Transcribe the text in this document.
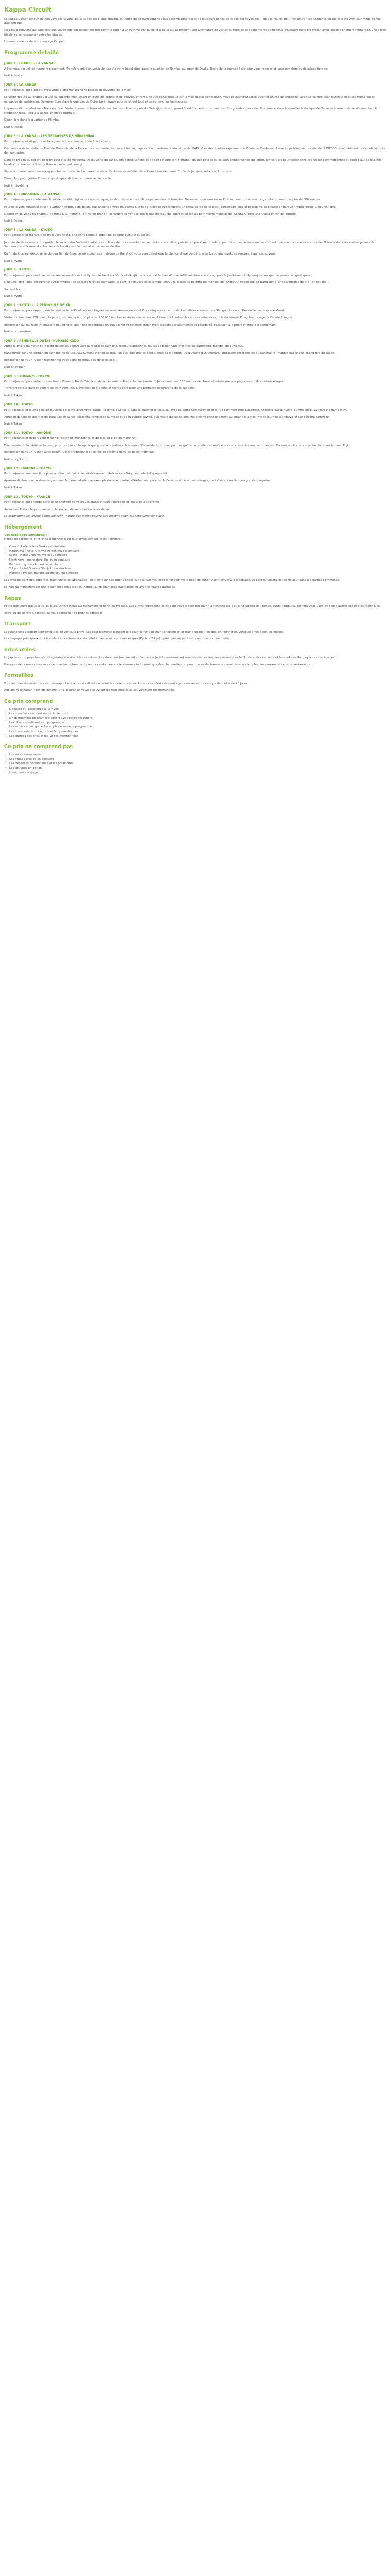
Kappa Circuit

Le Kappa Circuit est l'un de nos voyages favoris. En plus des sites emblématiques, notre guide francophone vous accompagnera lors de plusieurs haltes dans des petits villages, loin des foules, pour rencontrer les habitants locaux et découvrir leur mode de vie authentique.

Ce circuit convient aux familles, aux voyageurs qui souhaitent découvrir le Japon à un rythme tranquille et à ceux qui apprécient une alternance de visites culturelles et de moments de détente. Plusieurs nuits en ryokan avec onsen ponctuent l'itinéraire, une façon idéale de se ressourcer entre les étapes.

L'essence même de notre voyage Kappa !

Programme détaillé
JOUR 1 : FRANCE - LA KANSAI

À l'arrivée, accueil par votre représentant. Transfert privé en véhicule jusqu'à votre hôtel situé dans le quartier de Namba, au cœur de Osaka. Reste de la journée libre pour vous reposer et vous remettre du décalage horaire.

Nuit à Osaka

JOUR 2 : LA KANSAI

Petit-déjeuner, puis départ avec votre guide francophone pour la découverte de la ville.

La visite débute au château d'Osaka, superbe monument entouré de jardins et de douves, offrant une vue panoramique sur la ville depuis son donjon. Vous poursuivrez par le quartier animé de Shinsekai, avec sa célèbre tour Tsutenkaku et ses nombreuses échoppes de kushikatsu. Déjeuner libre dans le quartier de Dotonbori, réputé pour sa street food et ses enseignes lumineuses.

L'après-midi, transfert vers Nara en train. Visite du parc de Nara et de ses daims en liberté, puis du Todai-ji et de son grand Bouddha de bronze, l'un des plus grands du monde. Promenade dans le quartier historique de Naramachi aux maisons de marchands traditionnelles. Retour à Osaka en fin de journée.

Dîner libre dans le quartier de Namba.

Nuit à Osaka

JOUR 3 : LA KANSAI - LES TERRASSES DE HIROSHIMA

Petit-déjeuner et départ pour la région de Hiroshima en train Shinkansen.

Dès votre arrivée, visite du Parc du Mémorial de la Paix et de son musée, émouvant témoignage du bombardement atomique de 1945. Vous découvrirez également le Dôme de Genbaku, classé au patrimoine mondial de l'UNESCO, seul bâtiment resté debout près de l'épicentre.

Dans l'après-midi, départ en ferry pour l'île de Miyajima. Découverte du sanctuaire d'Itsukushima et de son célèbre torii flottant, l'un des paysages les plus photographiés du Japon. Temps libre pour flâner dans les ruelles commerçantes et goûter aux spécialités locales comme les huîtres grillées ou les momiji manju.

Selon la marée, vous pourrez approcher le torii à pied à marée basse ou l'admirer se refléter dans l'eau à marée haute. En fin de journée, retour à Hiroshima.

Dîner libre pour goûter l'okonomiyaki, spécialité incontournable de la ville.

Nuit à Hiroshima

JOUR 4 : HIROSHIMA - LA KANSAI

Petit-déjeuner, puis route vers la vallée de Kibi, région rurale aux paysages de rizières et de collines parsemées de temples. Découverte du sanctuaire Kibitsu, connu pour son long couloir couvert de plus de 300 mètres.

Poursuite vers Kurashiki et son quartier historique de Bikan, aux anciens entrepôts blancs à toits de tuiles noires longeant un canal bordé de saules. Promenade libre et possibilité de balade en barque traditionnelle. Déjeuner libre.

L'après-midi, visite du château de Himeji, surnommé le « Héron blanc », considéré comme le plus beau château du Japon et classé au patrimoine mondial de l'UNESCO. Retour à Osaka en fin de journée.

Nuit à Osaka

JOUR 5 : LA KANSAI - KYOTO

Petit-déjeuner et transfert en train vers Kyoto, ancienne capitale impériale et cœur culturel du Japon.

Journée de visite avec votre guide : le sanctuaire Fushimi Inari et ses milliers de torii vermillon serpentant sur la colline, puis le temple Kiyomizu-dera, perché sur sa terrasse en bois offrant une vue imprenable sur la ville. Flânerie dans les ruelles pavées de Sannenzaka et Ninenzaka, bordées de boutiques d'artisanat et de salons de thé.

En fin de journée, découverte du quartier de Gion, célèbre pour ses maisons de thé et où vous aurez peut-être la chance d'apercevoir une geiko ou une maiko se rendant à un rendez-vous.

Nuit à Kyoto

JOUR 6 : KYOTO

Petit-déjeuner, puis matinée consacrée au nord-ouest de Kyoto : le Pavillon d'Or (Kinkaku-ji), recouvert de feuilles d'or se reflétant dans son étang, puis le jardin zen du Ryoan-ji et ses quinze pierres énigmatiques.

Déjeuner libre, puis découverte d'Arashiyama : sa célèbre forêt de bambous, le pont Togetsukyo et le temple Tenryu-ji, classé au patrimoine mondial de l'UNESCO. Possibilité de participer à une cérémonie du thé (en option).

Soirée libre.

Nuit à Kyoto

JOUR 7 : KYOTO - LA PÉNINSULE DE KII

Petit-déjeuner, puis départ pour la péninsule de Kii et ses montagnes sacrées. Arrivée au mont Koya (Koyasan), centre du bouddhisme ésotérique Shingon fondé au IXe siècle par le moine Kukai.

Visite du cimetière d'Okunoin, le plus grand du Japon, où plus de 200 000 tombes et stèles moussues se dressent à l'ombre de cèdres centenaires, puis du temple Kongobu-ji, siège de l'école Shingon.

Installation au shukubo (monastère bouddhiste) pour une expérience unique : dîner végétarien shojin ryori préparé par les moines et possibilité d'assister à la prière matinale le lendemain.

Nuit au monastère

JOUR 8 : PÉNINSULE DE KII - KUMANO KODO

Après la prière du matin et le petit-déjeuner, départ vers la région de Kumano, réseau d'anciennes routes de pèlerinage inscrites au patrimoine mondial de l'UNESCO.

Randonnée sur une portion du Kumano Kodo jusqu'au Kumano Hongu Taisha, l'un des trois grands sanctuaires de la région. Découverte d'Oyunohara, emplacement d'origine du sanctuaire, marqué par le plus grand torii du Japon.

Installation dans un ryokan traditionnel avec bains thermaux et dîner kaiseki.

Nuit en ryokan

JOUR 9 : KUMANO - TOKYO

Petit-déjeuner, puis visite du sanctuaire Kumano Nachi Taisha et de la cascade de Nachi, la plus haute du Japon avec ses 133 mètres de chute, dominée par une pagode vermillon à trois étages.

Transfert vers la gare et départ en train vers Tokyo. Installation à l'hôtel et soirée libre pour une première découverte de la capitale.

Nuit à Tokyo

JOUR 10 : TOKYO

Petit-déjeuner et journée de découverte de Tokyo avec votre guide : le temple Senso-ji dans le quartier d'Asakusa, avec sa porte Kaminarimon et la rue commerçante Nakamise. Croisière sur la rivière Sumida jusqu'aux jardins Hama-rikyu.

Après-midi dans le quartier de Harajuku et sa rue Takeshita, temple de la mode et de la culture kawaii, puis visite du sanctuaire Meiji, niché dans une forêt au cœur de la ville. Fin de journée à Shibuya et son célèbre carrefour.

Nuit à Tokyo

JOUR 11 : TOKYO - HAKONE

Petit-déjeuner et départ pour Hakone, région de montagnes et de lacs au pied du mont Fuji.

Découverte du lac Ashi en bateau, puis montée en téléphérique jusqu'à la vallée volcanique d'Owakudani, où vous pourrez goûter aux célèbres œufs noirs cuits dans les sources chaudes. Par temps clair, vue spectaculaire sur le mont Fuji.

Installation dans un ryokan avec onsen. Dîner traditionnel et soirée de détente dans les bains thermaux.

Nuit en ryokan

JOUR 12 : HAKONE - TOKYO

Petit-déjeuner, matinée libre pour profiter des bains de l'établissement. Retour vers Tokyo en début d'après-midi.

Après-midi libre pour le shopping ou une dernière balade, par exemple dans le quartier d'Akihabara, paradis de l'électronique et des mangas, ou à Ginza, quartier des grands magasins.

Nuit à Tokyo

JOUR 13 : TOKYO - FRANCE

Petit-déjeuner, puis temps libre selon l'horaire de votre vol. Transfert vers l'aéroport et envol pour la France.

Arrivée en France le jour même ou le lendemain selon les horaires de vol.

Le programme est donné à titre indicatif ; l'ordre des visites pourra être modifié selon les conditions sur place.

Hébergement
Vos hôtels (ou similaires) :

Hôtels de catégorie 3* et 4* sélectionnés pour leur emplacement et leur confort :

• Osaka : Hotel Nikko Osaka ou similaire
• Hiroshima : Hotel Granvia Hiroshima ou similaire
• Kyoto : Hotel Gran Ms Kyoto ou similaire
• Mont Koya : monastère Eko-in ou similaire
• Kumano : ryokan Adumi ou similaire
• Tokyo : Hotel Gracery Shinjuku ou similaire
• Hakone : ryokan Hakone Suimeisou ou similaire

Les ryokans sont des auberges traditionnelles japonaises : on y dort sur des futons posés sur des tatamis, et le dîner comme le petit-déjeuner y sont servis à la japonaise. Le port du yukata est de rigueur dans les parties communes.

La nuit au monastère est une expérience simple et authentique, en chambres traditionnelles avec sanitaires partagés.

Repas

Petits-déjeuners inclus tous les jours. Dîners inclus au monastère et dans les ryokans. Les autres repas sont libres pour vous laisser découvrir la richesse de la cuisine japonaise : ramen, sushi, tempura, okonomiyaki, udon et bien d'autres spécialités régionales.

Votre guide se fera un plaisir de vous conseiller de bonnes adresses.

Transport

Les transferts aéroport sont effectués en véhicule privé. Les déplacements pendant le circuit se font en train (Shinkansen et trains locaux), en bus, en ferry et en véhicule privé selon les étapes.

Les bagages principaux sont transférés directement d'un hôtel à l'autre sur certaines étapes (Kyoto - Tokyo) : prévoyez un petit sac pour une ou deux nuits.

Infos utiles

Le Japon est un pays très sûr et agréable à visiter à toute saison. Le printemps (mars-mai) et l'automne (octobre-novembre) sont les saisons les plus prisées pour la floraison des cerisiers et les couleurs flamboyantes des érables.

Prévoyez de bonnes chaussures de marche, notamment pour la randonnée sur le Kumano Kodo, ainsi que des chaussettes propres : on se déchausse souvent dans les temples, les ryokans et certains restaurants.

Formalités

Pour les ressortissants français : passeport en cours de validité couvrant la durée du séjour. Aucun visa n'est nécessaire pour un séjour touristique de moins de 90 jours.

Aucune vaccination n'est obligatoire. Une assurance voyage couvrant les frais médicaux est vivement recommandée.

Ce prix comprend
• L'accueil et l'assistance à l'arrivée
• Les transferts aéroport en véhicule privé
• L'hébergement en chambre double avec petits-déjeuners
• Les dîners mentionnés au programme
• Les services d'un guide francophone selon le programme
• Les transports en train, bus et ferry mentionnés
• Les entrées des sites et les visites mentionnées
Ce prix ne comprend pas
• Les vols internationaux
• Les repas libres et les boissons
• Les dépenses personnelles et les pourboires
• Les activités en option
• L'assurance voyage
